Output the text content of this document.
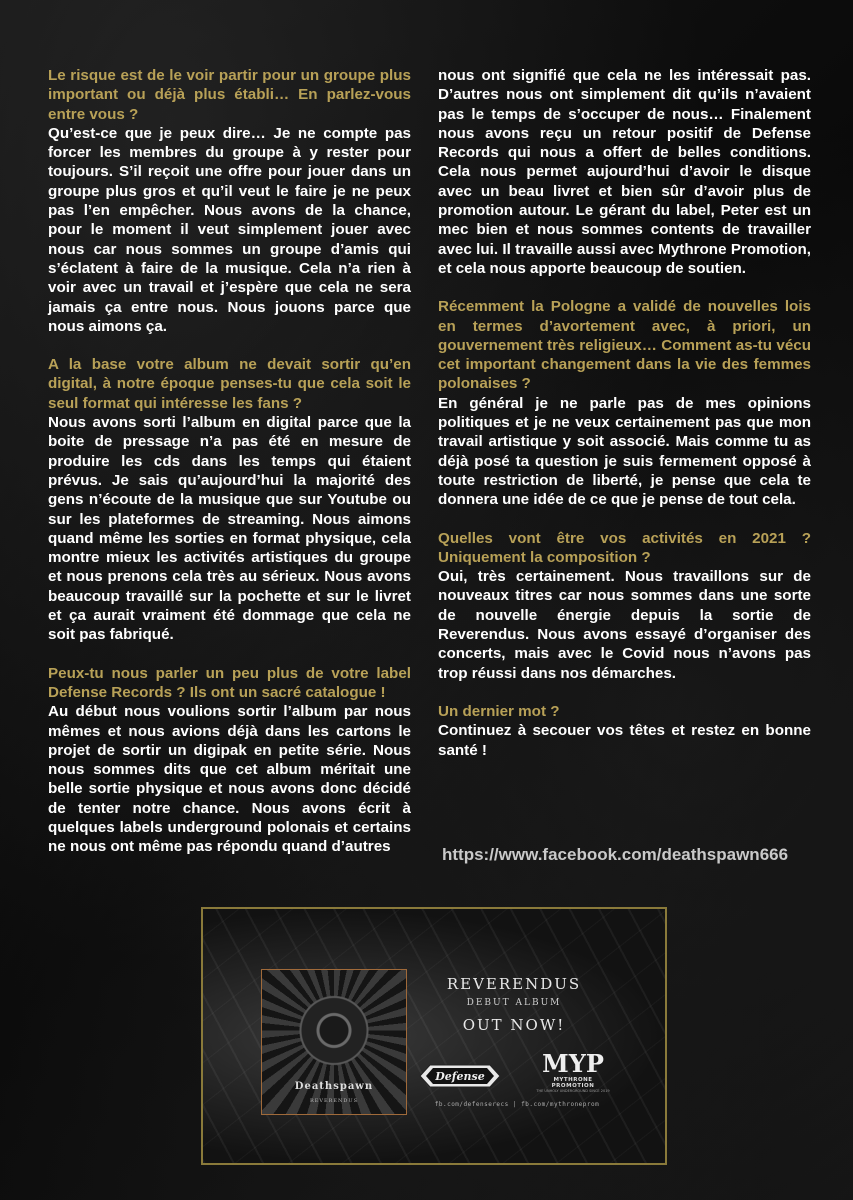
Le risque est de le voir partir pour un groupe plus important ou déjà plus établi… En parlez-vous entre vous ?

Qu’est-ce que je peux dire… Je ne compte pas forcer les membres du groupe à y rester pour toujours. S’il reçoit une offre pour jouer dans un groupe plus gros et qu’il veut le faire je ne peux pas l’en empêcher. Nous avons de la chance, pour le moment il veut simplement jouer avec nous car nous sommes un groupe d’amis qui s’éclatent à faire de la musique. Cela n’a rien à voir avec un travail et j’espère que cela ne sera jamais ça entre nous. Nous jouons parce que nous aimons ça.

A la base votre album ne devait sortir qu’en digital, à notre époque penses-tu que cela soit le seul format qui intéresse les fans ?

Nous avons sorti l’album en digital parce que la boite de pressage n’a pas été en mesure de produire les cds dans les temps qui étaient prévus. Je sais qu’aujourd’hui la majorité des gens n’écoute de la musique que sur Youtube ou sur les plateformes de streaming. Nous aimons quand même les sorties en format physique, cela montre mieux les activités artistiques du groupe et nous prenons cela très au sérieux. Nous avons beaucoup travaillé sur la pochette et sur le livret et ça aurait vraiment été dommage que cela ne soit pas fabriqué.

Peux-tu nous parler un peu plus de votre label Defense Records ? Ils ont un sacré catalogue !

Au début nous voulions sortir l’album par nous mêmes et nous avions déjà dans les cartons le projet de sortir un digipak en petite série. Nous nous sommes dits que cet album méritait une belle sortie physique et nous avons donc décidé de tenter notre chance. Nous avons écrit à quelques labels underground polonais et certains ne nous ont même pas répondu quand d’autres

nous ont signifié que cela ne les intéressait pas. D’autres nous ont simplement dit qu’ils n’avaient pas le temps de s’occuper de nous… Finalement nous avons reçu un retour positif de Defense Records qui nous a offert de belles conditions. Cela nous permet aujourd’hui d’avoir le disque avec un beau livret et bien sûr d’avoir plus de promotion autour. Le gérant du label, Peter est un mec bien et nous sommes contents de travailler avec lui. Il travaille aussi avec Mythrone Promotion, et cela nous apporte beaucoup de soutien.

Récemment la Pologne a validé de nouvelles lois en termes d’avortement avec, à priori, un gouvernement très religieux… Comment as-tu vécu cet important changement dans la vie des femmes polonaises ?

En général je ne parle pas de mes opinions politiques et je ne veux certainement pas que mon travail artistique y soit associé. Mais comme tu as déjà posé ta question je suis fermement opposé à toute restriction de liberté, je pense que cela te donnera une idée de ce que je pense de tout cela.

Quelles vont être vos activités en 2021 ? Uniquement la composition ?

Oui, très certainement. Nous travaillons sur de nouveaux titres car nous sommes dans une sorte de nouvelle énergie depuis la sortie de Reverendus. Nous avons essayé d’organiser des concerts, mais avec le Covid nous n’avons pas trop réussi dans nos démarches.

Un dernier mot ?

Continuez à secouer vos têtes et restez en bonne santé !

https://www.facebook.com/deathspawn666
Deathspawn
REVERENDUS
REVERENDUS
DEBUT ALBUM
OUT NOW!
Defense	MYP
MYTHRONE PROMOTION
THE UNHOLY UNDERGROUND SINCE 2019
fb.com/defenserecs | fb.com/mythroneprom
